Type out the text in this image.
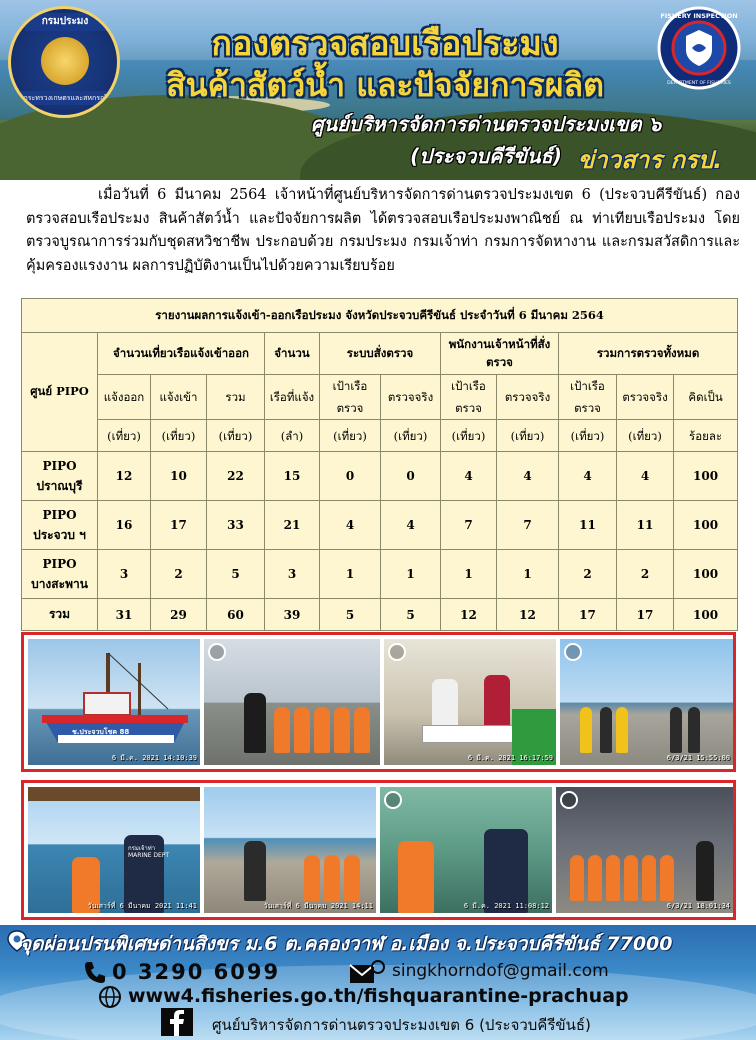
กรมประมง
กระทรวงเกษตรและสหกรณ์
FISHERY INSPECTION
DEPARTMENT OF FISHERIES
กองตรวจสอบเรือประมง
สินค้าสัตว์น้ำ และปัจจัยการผลิต
ศูนย์บริหารจัดการด่านตรวจประมงเขต ๖ (ประจวบคีรีขันธ์) ข่าวสาร กรป.
เมื่อวันที่ 6 มีนาคม 2564 เจ้าหน้าที่ศูนย์บริหารจัดการด่านตรวจประมงเขต 6 (ประจวบคีรีขันธ์) กองตรวจสอบเรือประมง สินค้าสัตว์น้ำ และปัจจัยการผลิต ได้ตรวจสอบเรือประมงพาณิชย์ ณ ท่าเทียบเรือประมง โดยตรวจบูรณาการร่วมกับชุดสหวิชาชีพ ประกอบด้วย กรมประมง กรมเจ้าท่า กรมการจัดหางาน และกรมสวัสดิการและคุ้มครองแรงงาน ผลการปฏิบัติงานเป็นไปด้วยความเรียบร้อย
รายงานผลการแจ้งเข้า-ออกเรือประมง จังหวัดประจวบคีรีขันธ์ ประจำวันที่ 6 มีนาคม 2564											
ศูนย์ PIPO	จำนวนเที่ยวเรือแจ้งเข้าออก			จำนวน	ระบบสั่งตรวจ		พนักงานเจ้าหน้าที่สั่งตรวจ		รวมการตรวจทั้งหมด		
	แจ้งออก	แจ้งเข้า	รวม	เรือที่แจ้ง	เป้าเรือตรวจ	ตรวจจริง	เป้าเรือตรวจ	ตรวจจริง	เป้าเรือตรวจ	ตรวจจริง	คิดเป็น
	(เที่ยว)	(เที่ยว)	(เที่ยว)	(ลำ)	(เที่ยว)	(เที่ยว)	(เที่ยว)	(เที่ยว)	(เที่ยว)	(เที่ยว)	ร้อยละ

PIPO
ปราณบุรี	12	10	22	15	0	0	4	4	4	4	100

PIPO
ประจวบ ฯ	16	17	33	21	4	4	7	7	11	11	100

PIPO
บางสะพาน	3	2	5	3	1	1	1	1	2	2	100
รวม	31	29	60	39	5	5	12	12	17	17	100
ช.ประจวบโชค 88
6 มี.ค. 2021 14:10:39	6 มี.ค. 2021 16:17:59	6/3/21 15:55:00
กรมเจ้าท่า
MARINE DEPT
วันเสาร์ที่ 6 มีนาคม 2021 11:41	วันเสาร์ที่ 6 มีนาคม 2021 14:11	6 มี.ค. 2021 11:08:12	6/3/21 18:01:34
จุดผ่อนปรนพิเศษด่านสิงขร ม.6 ต.คลองวาฬ อ.เมือง จ.ประจวบคีรีขันธ์ 77000
0 3290 6099	singkhorndof@gmail.com
www4.fisheries.go.th/fishquarantine-prachuap
ศูนย์บริหารจัดการด่านตรวจประมงเขต 6 (ประจวบคีรีขันธ์)
